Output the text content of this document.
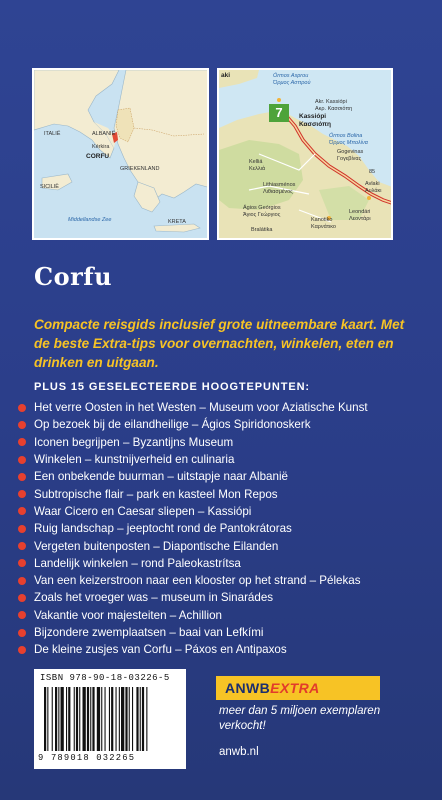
ITALIË	ALBANIË
Kérkira
CORFU
GRIEKENLAND
SICILIË
Middellandse Zee	KRETA
aki	Órmos Asprou
Όρμος Ασπρού
7
Akr. Kassiópi
Ακρ. Κασσιόπη
Kassiópi
Κασσιόπη
Órmos Bolina
Όρμος Μπολίνα
Gogevinas
Γογεβίνας
Kelliá
Κελλιά
Lithiasménos
Λιθιασμένος
85
Avlaki
Αυλάκι
Ágios Geórgios
Άγιος Γεώργιος	Leondári
Λεοντάρι
Kanotiko
Καρνάτικο
Bralátika
Corfu

Compacte reisgids inclusief grote uitneembare kaart. Met de beste Extra-tips voor overnachten, winkelen, eten en drinken en uitgaan.

PLUS 15 GESELECTEERDE HOOGTEPUNTEN:
Het verre Oosten in het Westen – Museum voor Aziatische Kunst
Op bezoek bij de eilandheilige – Ágios Spiridonoskerk
Iconen begrijpen – Byzantijns Museum
Winkelen – kunstnijverheid en culinaria
Een onbekende buurman – uitstapje naar Albanië
Subtropische flair – park en kasteel Mon Repos
Waar Cicero en Caesar sliepen – Kassiópi
Ruig landschap – jeeptocht rond de Pantokrátoras
Vergeten buitenposten – Diapontische Eilanden
Landelijk winkelen – rond Paleokastrítsa
Van een keizerstroon naar een klooster op het strand – Pélekas
Zoals het vroeger was – museum in Sinarádes
Vakantie voor majesteiten – Achillion
Bijzondere zwemplaatsen – baai van Lefkími
De kleine zusjes van Corfu – Páxos en Antipaxos
ISBN 978-90-18-03226-5
9 789018 032265
ANWBEXTRA
meer dan 5 miljoen exemplaren verkocht!
anwb.nl
